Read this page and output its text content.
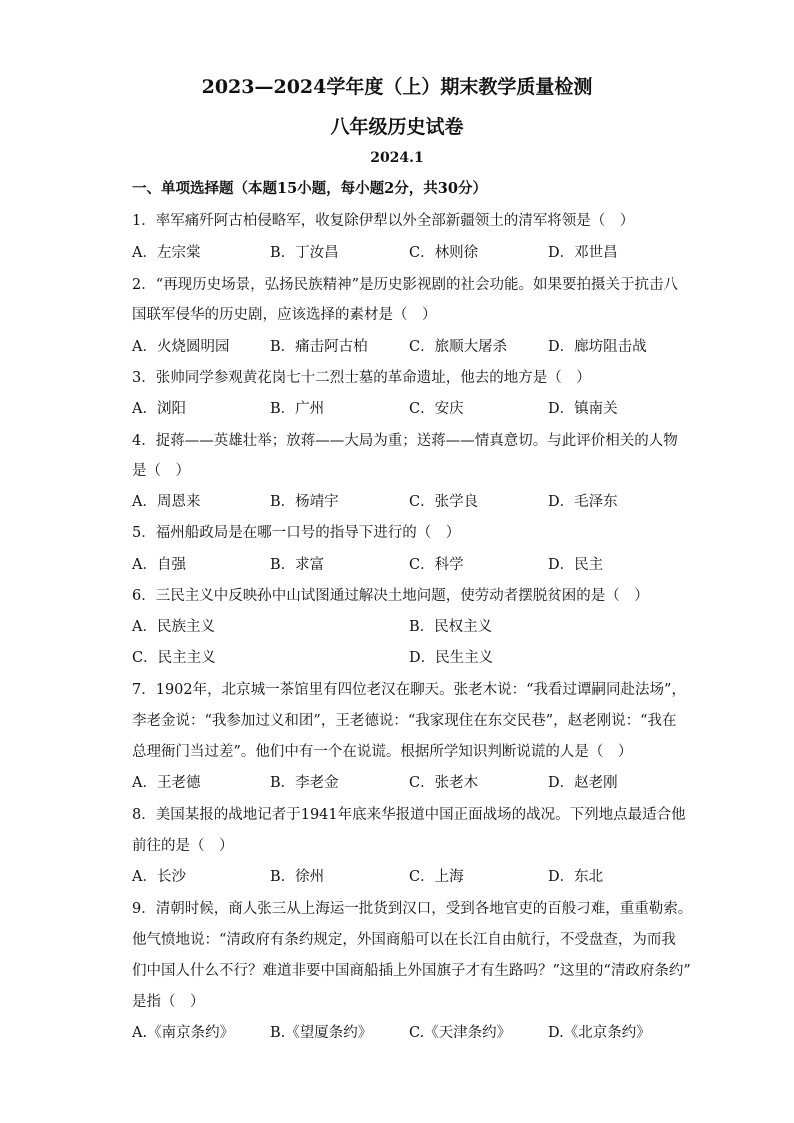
2023—2024学年度（上）期末教学质量检测
八年级历史试卷
2024.1
一、单项选择题（本题15小题，每小题2分，共30分）
1．率军痛歼阿古柏侵略军，收复除伊犁以外全部新疆领土的清军将领是（　）
A．左宗棠	B．丁汝昌	C．林则徐	D．邓世昌
2．“再现历史场景，弘扬民族精神”是历史影视剧的社会功能。如果要拍摄关于抗击八
国联军侵华的历史剧，应该选择的素材是（　）
A．火烧圆明园	B．痛击阿古柏	C．旅顺大屠杀	D．廊坊阻击战
3．张帅同学参观黄花岗七十二烈士墓的革命遗址，他去的地方是（　）
A．浏阳	B．广州	C．安庆	D．镇南关
4．捉蒋——英雄壮举；放蒋——大局为重；送蒋——情真意切。与此评价相关的人物
是（　）
A．周恩来	B．杨靖宇	C．张学良	D．毛泽东
5．福州船政局是在哪一口号的指导下进行的（　）
A．自强	B．求富	C．科学	D．民主
6．三民主义中反映孙中山试图通过解决土地问题，使劳动者摆脱贫困的是（　）
A．民族主义	B．民权主义
C．民主主义	D．民生主义
7．1902年，北京城一茶馆里有四位老汉在聊天。张老木说：“我看过谭嗣同赴法场”，
李老金说：“我参加过义和团”，王老德说：“我家现住在东交民巷”，赵老刚说：“我在
总理衙门当过差”。他们中有一个在说谎。根据所学知识判断说谎的人是（　）
A．王老德	B．李老金	C．张老木	D．赵老刚
8．美国某报的战地记者于1941年底来华报道中国正面战场的战况。下列地点最适合他
前往的是（　）
A．长沙	B．徐州	C．上海	D．东北
9．清朝时候，商人张三从上海运一批货到汉口，受到各地官吏的百般刁难，重重勒索。
他气愤地说：“清政府有条约规定，外国商船可以在长江自由航行，不受盘查，为而我
们中国人什么不行？难道非要中国商船插上外国旗子才有生路吗？”这里的“清政府条约”
是指（　）
A.《南京条约》 B.《望厦条约》	C.《天津条约》	D.《北京条约》
